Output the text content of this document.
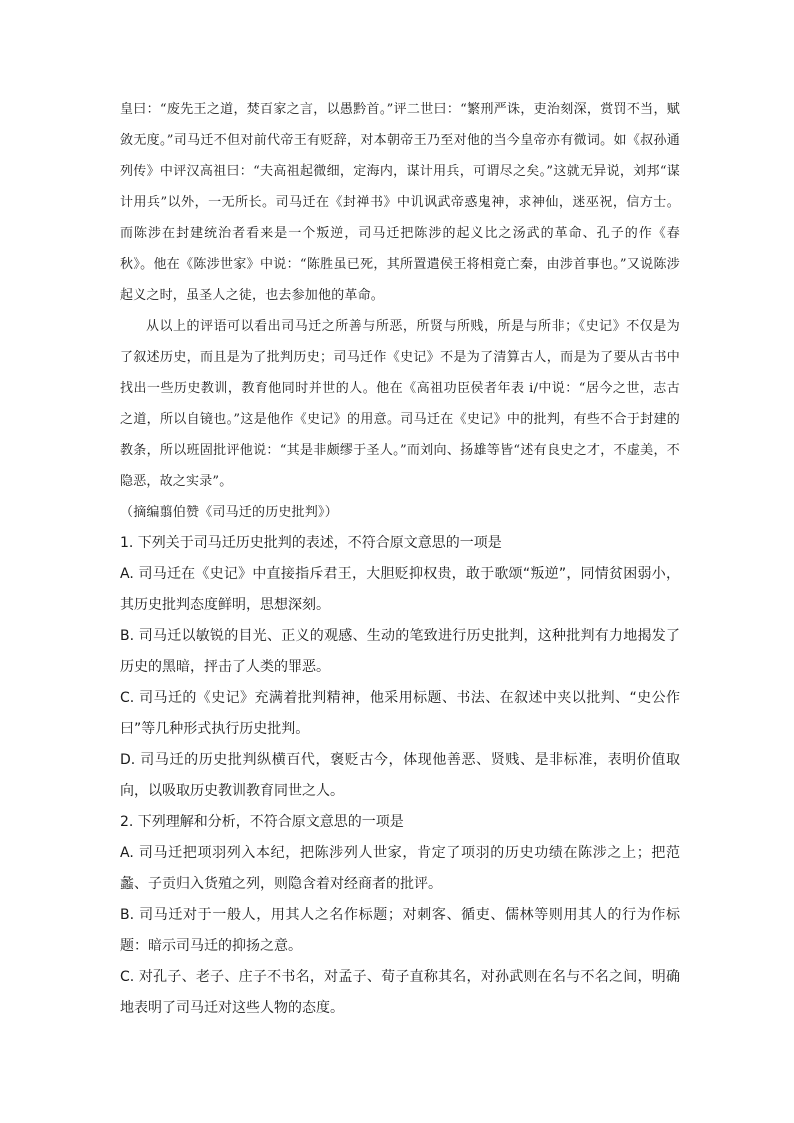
皇曰：“废先王之道，焚百家之言，以愚黔首。”评二世曰：“繁刑严诛，吏治刻深，赏罚不当，赋敛无度。”司马迁不但对前代帝王有贬辞，对本朝帝王乃至对他的当今皇帝亦有微词。如《叔孙通列传》中评汉高祖曰：“夫高祖起微细，定海内，谋计用兵，可谓尽之矣。”这就无异说，刘邦“谋计用兵”以外，一无所长。司马迁在《封禅书》中讥讽武帝惑鬼神，求神仙，迷巫祝，信方士。而陈涉在封建统治者看来是一个叛逆，司马迁把陈涉的起义比之汤武的革命、孔子的作《春秋》。他在《陈涉世家》中说：“陈胜虽已死，其所置遣侯王将相竟亡秦，由涉首事也。”又说陈涉起义之时，虽圣人之徒，也去参加他的革命。

从以上的评语可以看出司马迁之所善与所恶，所贤与所贱，所是与所非；《史记》不仅是为了叙述历史，而且是为了批判历史；司马迁作《史记》不是为了清算古人，而是为了要从古书中找出一些历史教训，教育他同时并世的人。他在《高祖功臣侯者年表 i/中说：“居今之世，志古之道，所以自镜也。”这是他作《史记》的用意。司马迁在《史记》中的批判，有些不合于封建的教条，所以班固批评他说：“其是非颇缪于圣人。”而刘向、扬雄等皆“述有良史之才，不虚美，不隐恶，故之实录”。

（摘编翦伯赞《司马迁的历史批判》）

1. 下列关于司马迁历史批判的表述，不符合原文意思的一项是

A. 司马迁在《史记》中直接指斥君王，大胆贬抑权贵，敢于歌颂“叛逆”，同情贫困弱小，其历史批判态度鲜明，思想深刻。

B. 司马迁以敏锐的目光、正义的观感、生动的笔致进行历史批判，这种批判有力地揭发了历史的黑暗，抨击了人类的罪恶。

C. 司马迁的《史记》充满着批判精神，他采用标题、书法、在叙述中夹以批判、“史公作曰”等几种形式执行历史批判。

D. 司马迁的历史批判纵横百代，褒贬古今，体现他善恶、贤贱、是非标准，表明价值取向，以吸取历史教训教育同世之人。

2. 下列理解和分析，不符合原文意思的一项是

A. 司马迁把项羽列入本纪，把陈涉列人世家，肯定了项羽的历史功绩在陈涉之上；把范蠡、子贡归入货殖之列，则隐含着对经商者的批评。

B. 司马迁对于一般人，用其人之名作标题；对刺客、循吏、儒林等则用其人的行为作标题：暗示司马迁的抑扬之意。

C. 对孔子、老子、庄子不书名，对孟子、荀子直称其名，对孙武则在名与不名之间，明确地表明了司马迁对这些人物的态度。
